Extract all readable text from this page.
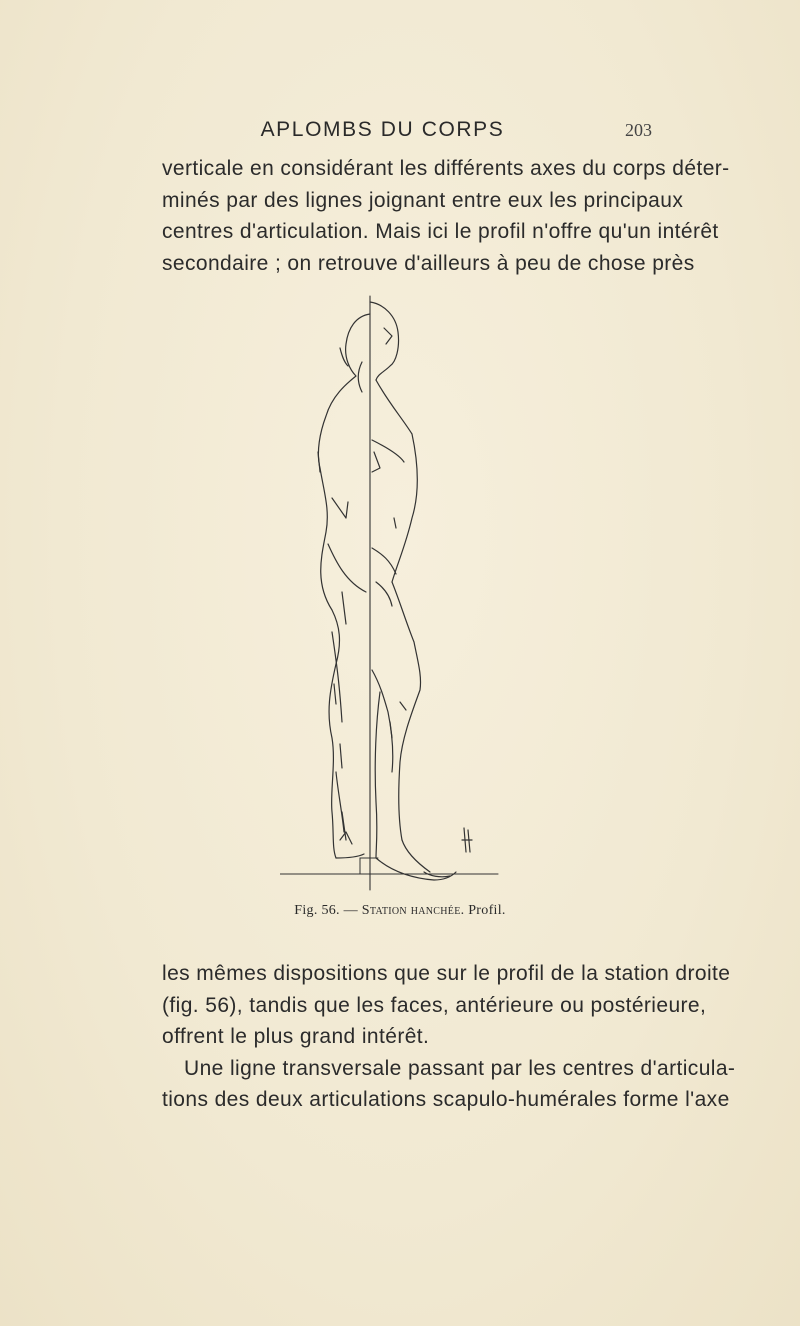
APLOMBS DU CORPS	203
verticale en considérant les différents axes du corps déter-
minés par des lignes joignant entre eux les principaux
centres d'articulation. Mais ici le profil n'offre qu'un intérêt
secondaire ; on retrouve d'ailleurs à peu de chose près
Fig. 56. — Station hanchée. Profil.
les mêmes dispositions que sur le profil de la station droite
(fig. 56), tandis que les faces, antérieure ou postérieure,
offrent le plus grand intérêt.
Une ligne transversale passant par les centres d'articula-
tions des deux articulations scapulo-humérales forme l'axe
